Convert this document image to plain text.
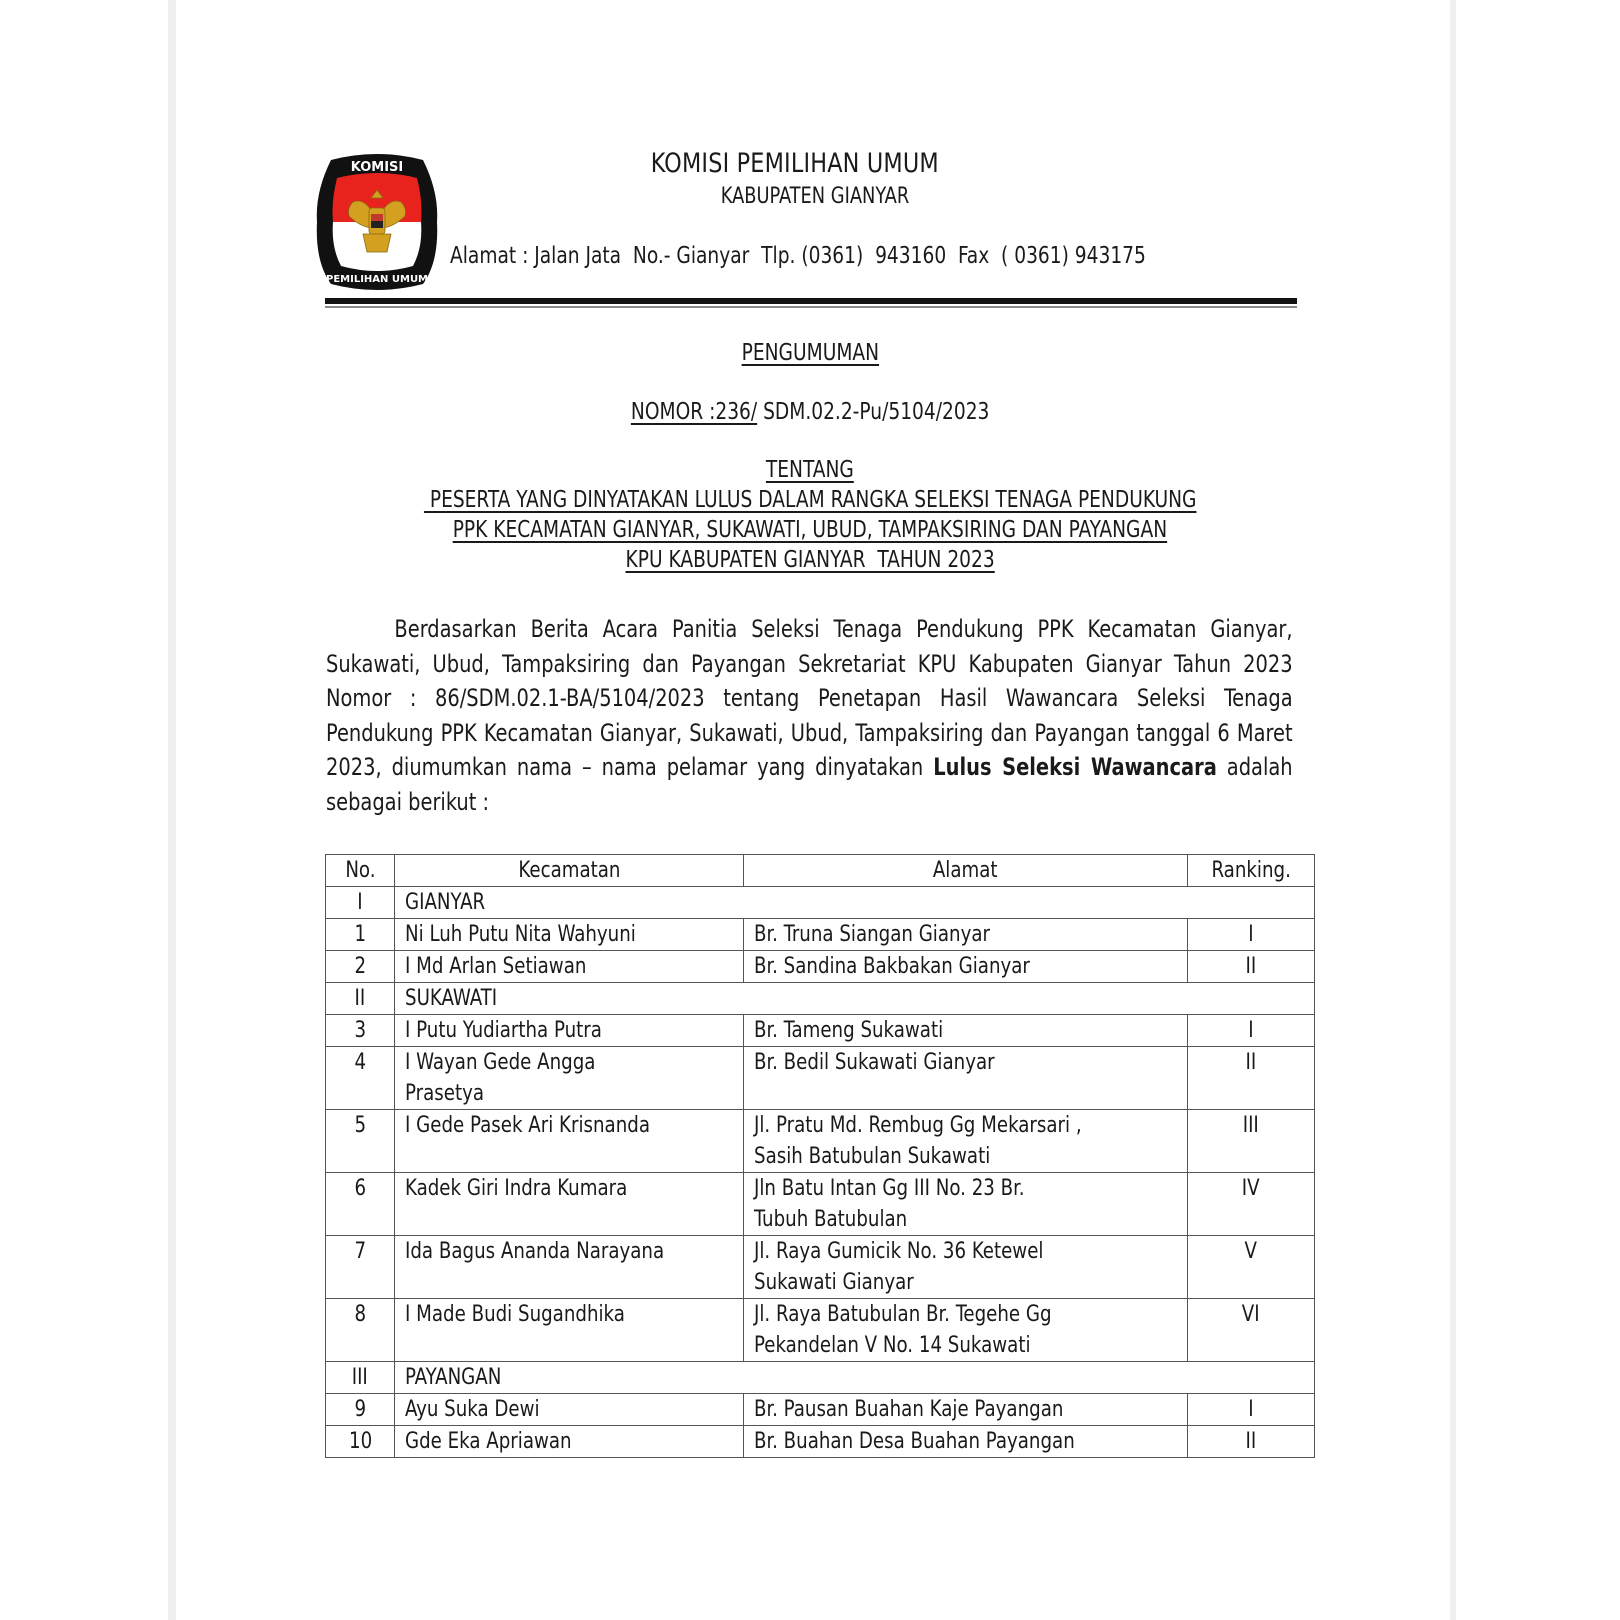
KOMISI
PEMILIHAN UMUM
KOMISI PEMILIHAN UMUM
KABUPATEN GIANYAR
Alamat : Jalan Jata  No.- Gianyar  Tlp. (0361)  943160  Fax  ( 0361) 943175
PENGUMUMAN
NOMOR :236/ SDM.02.2-Pu/5104/2023
TENTANG
PESERTA YANG DINYATAKAN LULUS DALAM RANGKA SELEKSI TENAGA PENDUKUNG
PPK KECAMATAN GIANYAR, SUKAWATI, UBUD, TAMPAKSIRING DAN PAYANGAN
KPU KABUPATEN GIANYAR  TAHUN 2023
Berdasarkan Berita Acara Panitia Seleksi Tenaga Pendukung PPK Kecamatan Gianyar, Sukawati, Ubud, Tampaksiring dan Payangan Sekretariat KPU Kabupaten Gianyar Tahun 2023 Nomor : 86/SDM.02.1-BA/5104/2023 tentang Penetapan Hasil Wawancara Seleksi Tenaga Pendukung PPK Kecamatan Gianyar, Sukawati, Ubud, Tampaksiring dan Payangan tanggal 6 Maret 2023, diumumkan nama – nama pelamar yang dinyatakan Lulus Seleksi Wawancara adalah sebagai berikut :
No.	Kecamatan	Alamat	Ranking.
I	GIANYAR		
1	Ni Luh Putu Nita Wahyuni	Br. Truna Siangan Gianyar	I
2	I Md Arlan Setiawan	Br. Sandina Bakbakan Gianyar	II
II	SUKAWATI		
3	I Putu Yudiartha Putra	Br. Tameng Sukawati	I
4	I Wayan Gede Angga
Prasetya	Br. Bedil Sukawati Gianyar	II
5	I Gede Pasek Ari Krisnanda	Jl. Pratu Md. Rembug Gg Mekarsari ,
Sasih Batubulan Sukawati	III
6	Kadek Giri Indra Kumara	Jln Batu Intan Gg III No. 23 Br.
Tubuh Batubulan	IV
7	Ida Bagus Ananda Narayana	Jl. Raya Gumicik No. 36 Ketewel
Sukawati Gianyar	V
8	I Made Budi Sugandhika	Jl. Raya Batubulan Br. Tegehe Gg
Pekandelan V No. 14 Sukawati	VI
III	PAYANGAN		
9	Ayu Suka Dewi	Br. Pausan Buahan Kaje Payangan	I
10	Gde Eka Apriawan	Br. Buahan Desa Buahan Payangan	II
